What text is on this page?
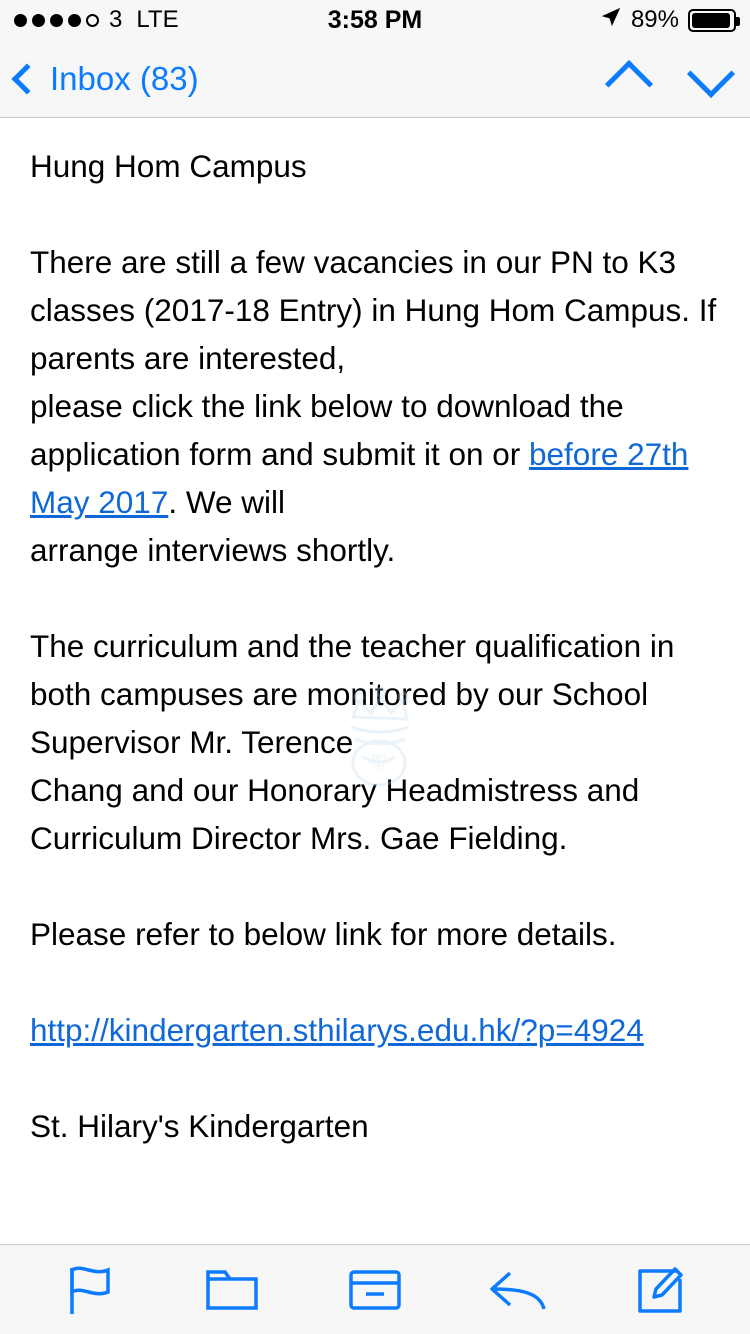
3 LTE	3:58 PM	89%
Inbox (83)
聖

Hung Hom Campus

There are still a few vacancies in our PN to K3 classes (2017-18 Entry) in Hung Hom Campus. If parents are interested,
please click the link below to download the application form and submit it on or before 27th May 2017. We will
arrange interviews shortly.

The curriculum and the teacher qualification in both campuses are monitored by our School Supervisor Mr. Terence
Chang and our Honorary Headmistress and Curriculum Director Mrs. Gae Fielding.

Please refer to below link for more details.

http://kindergarten.sthilarys.edu.hk/?p=4924

St. Hilary's Kindergarten
